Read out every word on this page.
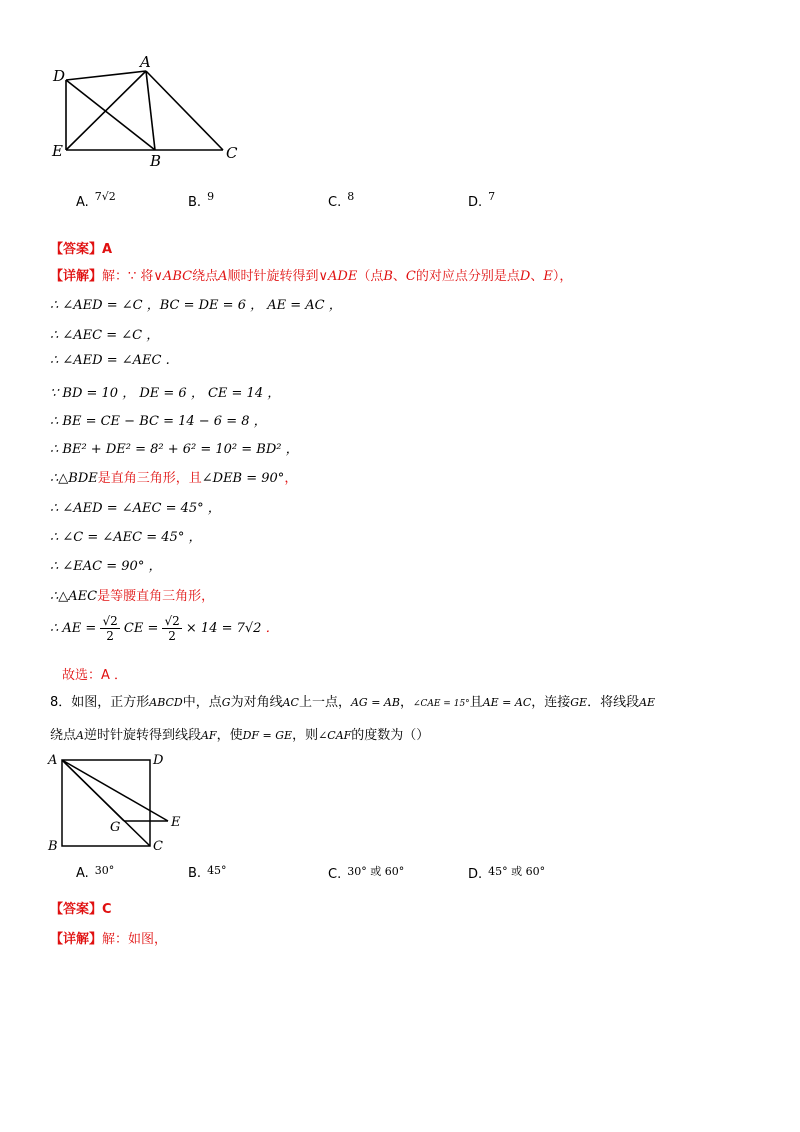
D
A
E
B	C
A. $^{7√2}$	B. $^9$	C. $^8$	D. $^7$
【答案】A
【详解】解：∵ 将∨ABC绕点A顺时针旋转得到∨ADE（点B、C的对应点分别是点D、E），
∴ ∠AED = ∠C ，BC = DE = 6 ， AE = AC ，
∴ ∠AEC = ∠C ，
∴ ∠AED = ∠AEC .
∵ BD = 10 ， DE = 6 ， CE = 14 ，
∴ BE = CE − BC = 14 − 6 = 8 ，
∴ BE² + DE² = 8² + 6² = 10² = BD² ，
∴△BDE是直角三角形，且∠DEB = 90°，
∴ ∠AED = ∠AEC = 45° ，
∴ ∠C = ∠AEC = 45° ，
∴ ∠EAC = 90° ，
∴△AEC是等腰直角三角形，
∴ AE = $\frac{√2}{2}$ CE = $\frac{√2}{2} \times 14 = 7√2$ ．
故选：A ．
8．如图，正方形ABCD中，点G为对角线AC上一点，AG = AB，∠CAE = 15°且AE = AC，连接GE．将线段AE
绕点A逆时针旋转得到线段AF，使DF = GE，则∠CAF的度数为（）
A	D
E
G
B	C
A. $^{30^\circ}$	B. $^{45^\circ}$	C. $^{30^\circ 或 60^\circ}$	D. $^{45^\circ 或 60^\circ}$
【答案】C
【详解】解：如图，
